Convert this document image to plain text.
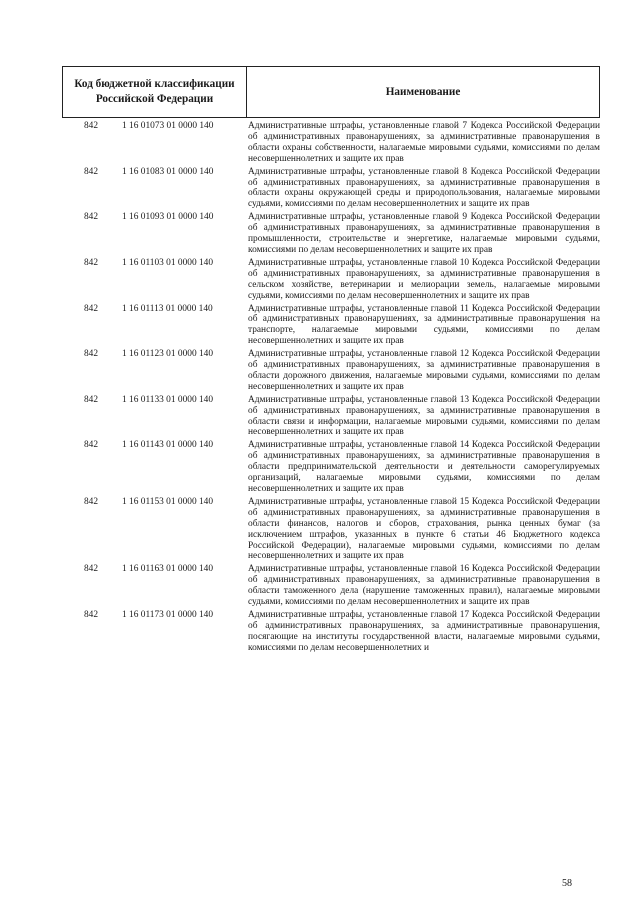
Код бюджетной классификации Российской Федерации
Наименование
842	1 16 01073 01 0000 140	Административные штрафы, установленные главой 7 Кодекса Российской Федерации об административных правонарушениях, за административные правонарушения в области охраны собственности, налагаемые мировыми судьями, комиссиями по делам несовершеннолетних и защите их прав
842	1 16 01083 01 0000 140	Административные штрафы, установленные главой 8 Кодекса Российской Федерации об административных правонарушениях, за административные правонарушения в области охраны окружающей среды и природопользования, налагаемые мировыми судьями, комиссиями по делам несовершеннолетних и защите их прав
842	1 16 01093 01 0000 140	Административные штрафы, установленные главой 9 Кодекса Российской Федерации об административных правонарушениях, за административные правонарушения в промышленности, строительстве и энергетике, налагаемые мировыми судьями, комиссиями по делам несовершеннолетних и защите их прав
842	1 16 01103 01 0000 140	Административные штрафы, установленные главой 10 Кодекса Российской Федерации об административных правонарушениях, за административные правонарушения в сельском хозяйстве, ветеринарии и мелиорации земель, налагаемые мировыми судьями, комиссиями по делам несовершеннолетних и защите их прав
842	1 16 01113 01 0000 140	Административные штрафы, установленные главой 11 Кодекса Российской Федерации об административных правонарушениях, за административные правонарушения на транспорте, налагаемые мировыми судьями, комиссиями по делам несовершеннолетних и защите их прав
842	1 16 01123 01 0000 140	Административные штрафы, установленные главой 12 Кодекса Российской Федерации об административных правонарушениях, за административные правонарушения в области дорожного движения, налагаемые мировыми судьями, комиссиями по делам несовершеннолетних и защите их прав
842	1 16 01133 01 0000 140	Административные штрафы, установленные главой 13 Кодекса Российской Федерации об административных правонарушениях, за административные правонарушения в области связи и информации, налагаемые мировыми судьями, комиссиями по делам несовершеннолетних и защите их прав
842	1 16 01143 01 0000 140	Административные штрафы, установленные главой 14 Кодекса Российской Федерации об административных правонарушениях, за административные правонарушения в области предпринимательской деятельности и деятельности саморегулируемых организаций, налагаемые мировыми судьями, комиссиями по делам несовершеннолетних и защите их прав
842	1 16 01153 01 0000 140	Административные штрафы, установленные главой 15 Кодекса Российской Федерации об административных правонарушениях, за административные правонарушения в области финансов, налогов и сборов, страхования, рынка ценных бумаг (за исключением штрафов, указанных в пункте 6 статьи 46 Бюджетного кодекса Российской Федерации), налагаемые мировыми судьями, комиссиями по делам несовершеннолетних и защите их прав
842	1 16 01163 01 0000 140	Административные штрафы, установленные главой 16 Кодекса Российской Федерации об административных правонарушениях, за административные правонарушения в области таможенного дела (нарушение таможенных правил), налагаемые мировыми судьями, комиссиями по делам несовершеннолетних и защите их прав
842	1 16 01173 01 0000 140	Административные штрафы, установленные главой 17 Кодекса Российской Федерации об административных правонарушениях, за административные правонарушения, посягающие на институты государственной власти, налагаемые мировыми судьями, комиссиями по делам несовершеннолетних и
58
